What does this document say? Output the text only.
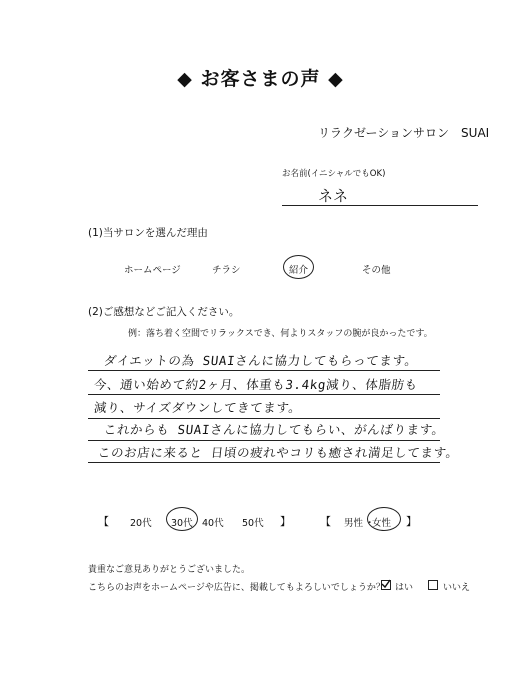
◆ お客さまの声 ◆
リラクゼーションサロン　SUAI
お名前(イニシャルでもOK)
ネネ
(1)当サロンを選んだ理由
ホームページ	チラシ	紹介	その他
(2)ご感想などご記入ください。
例：落ち着く空間でリラックスでき、何よりスタッフの腕が良かったです。
ダイエットの為 SUAIさんに協力してもらってます。
今、通い始めて約2ヶ月、体重も3.4kg減り、体脂肪も
減り、サイズダウンしてきてます。
これからも SUAIさんに協力してもらい、がんばります。
このお店に来ると 日頃の疲れやコリも癒され満足してます。
【 20代 30代 40代 50代 】	【 男性 ・
女性 】
貴重なご意見ありがとうございました。
こちらのお声をホームページや広告に、掲載してもよろしいでしょうか？ はい	いいえ
